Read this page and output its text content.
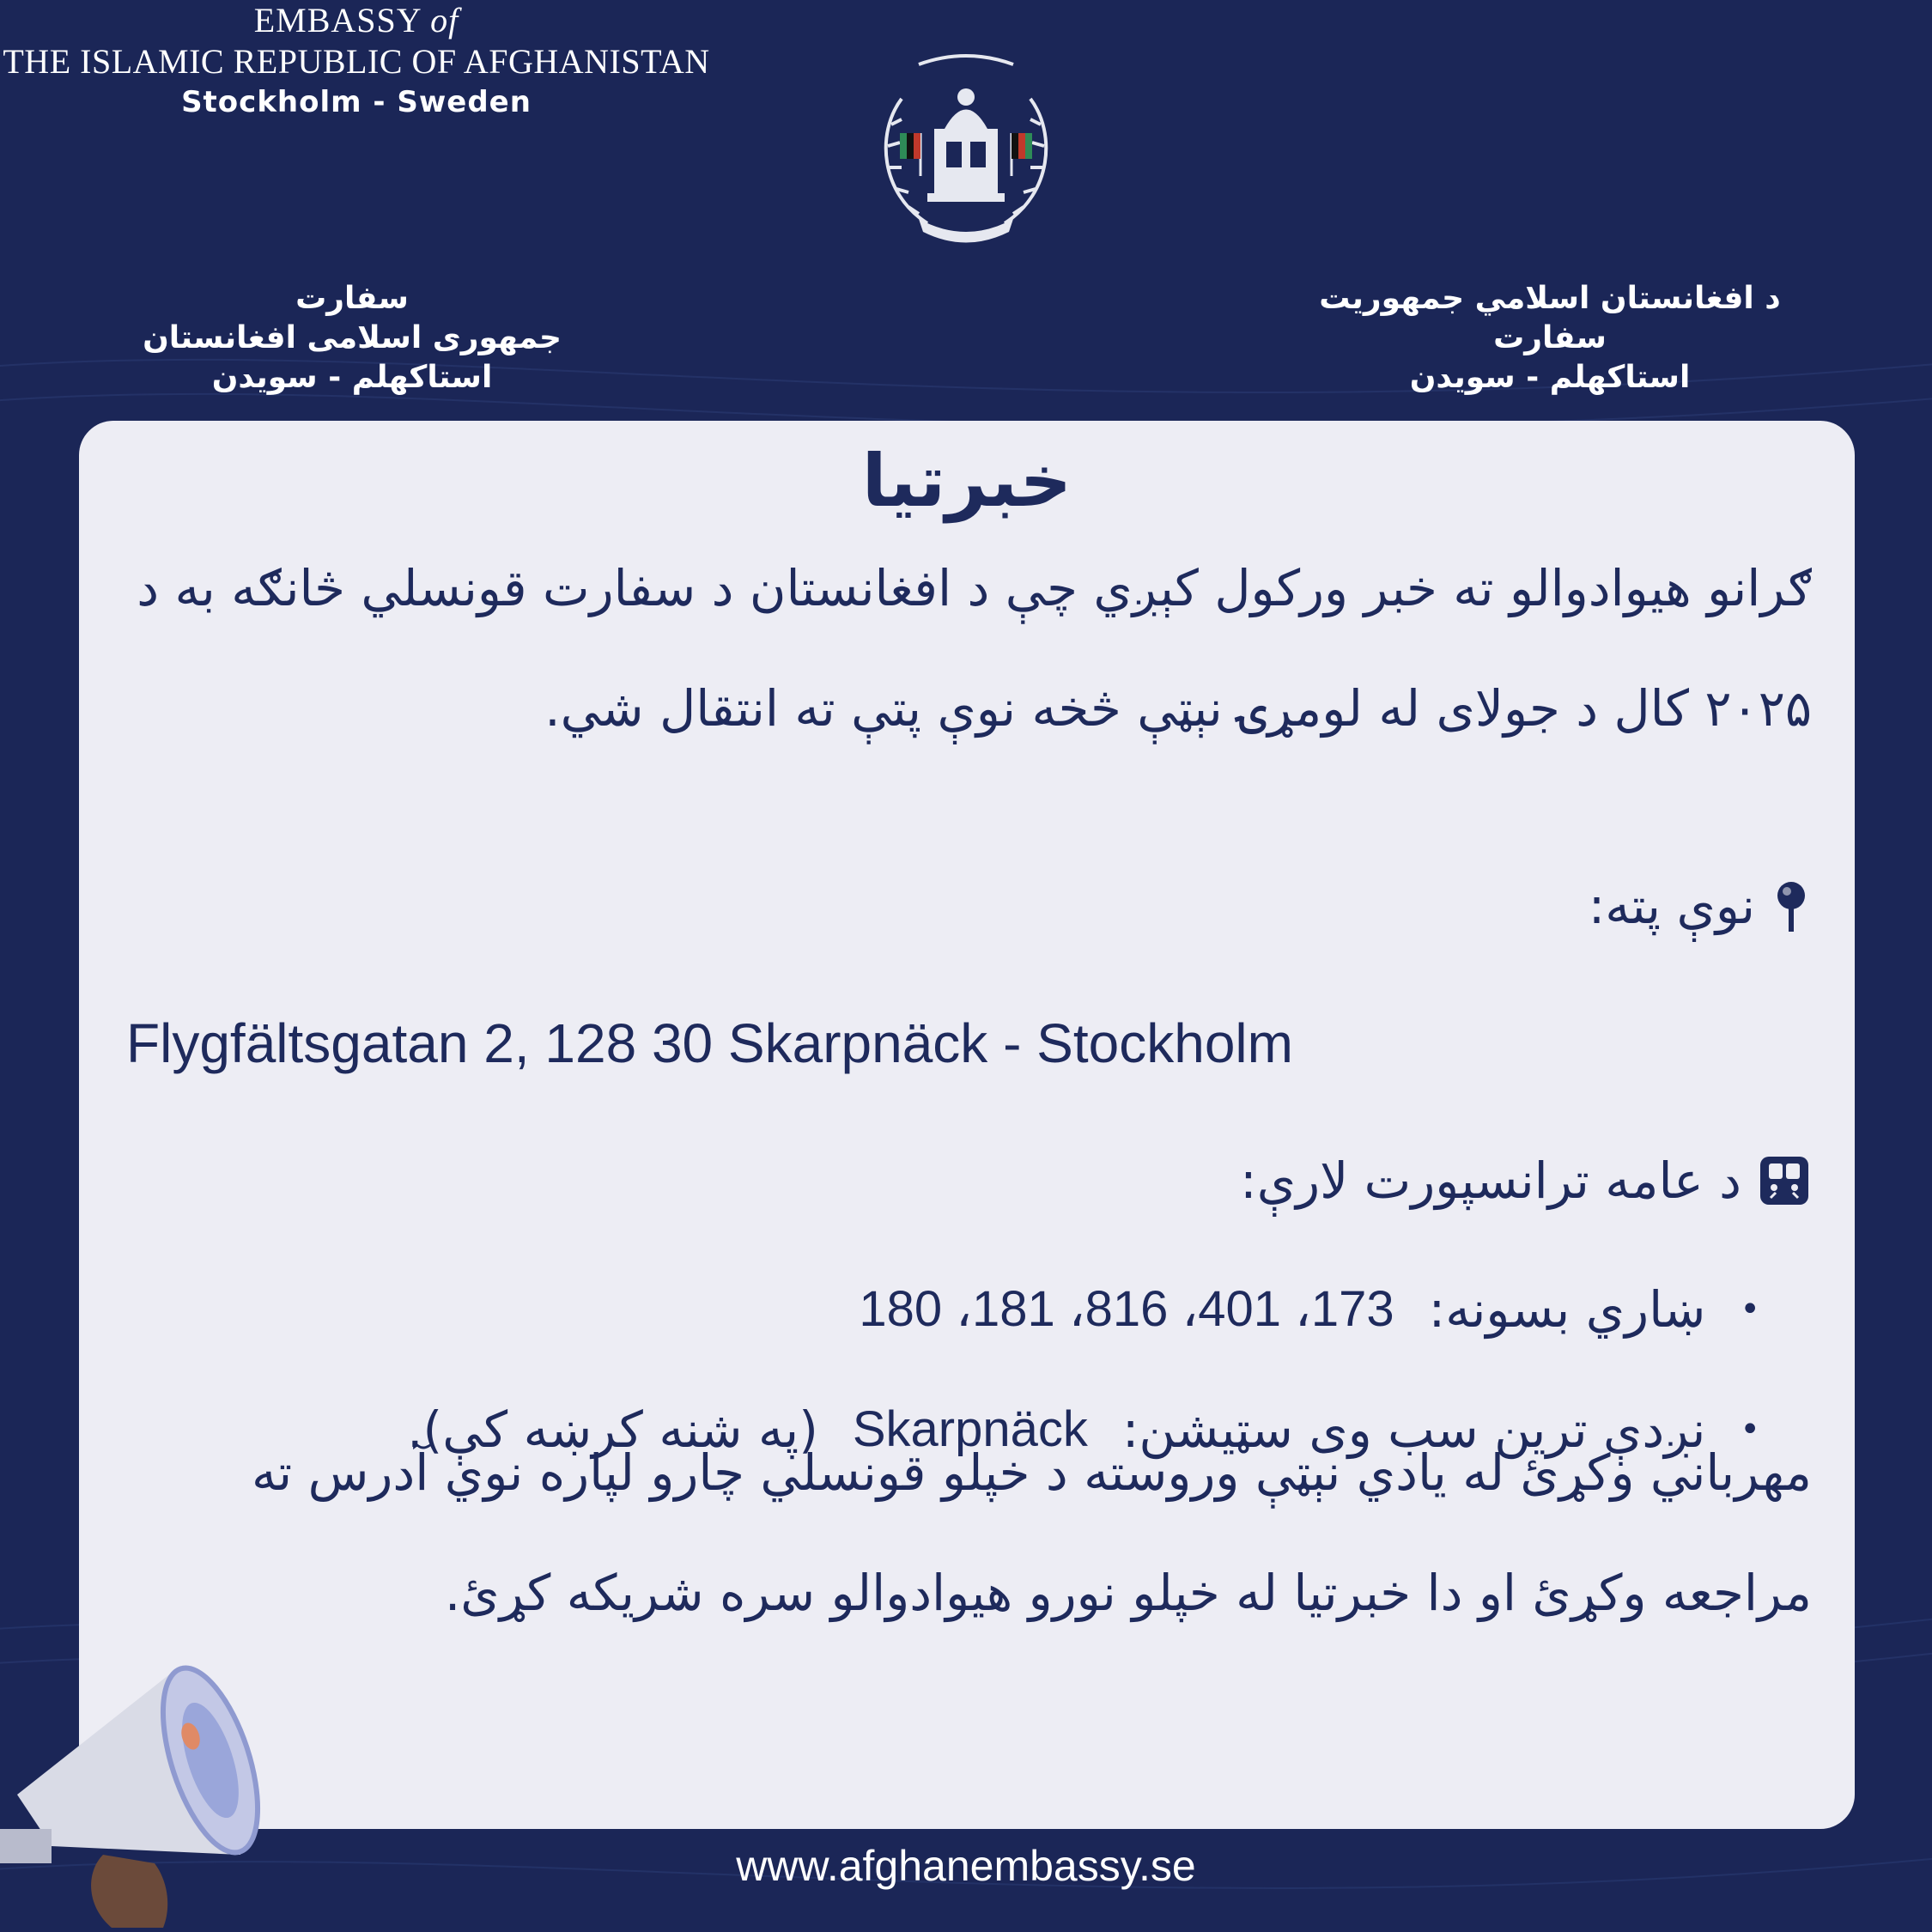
سفارت
جمهوری اسلامی افغانستان
استاکهلم - سویدن
EMBASSY of
THE ISLAMIC REPUBLIC OF AFGHANISTAN
Stockholm - Sweden
د افغانستان اسلامي جمهوریت
سفارت
استاکهلم - سویدن
خبرتیا
ګرانو هیوادوالو ته خبر ورکول کېږي چې د افغانستان د سفارت قونسلي څانګه به د ۲۰۲۵ کال د جولای له لومړۍ نېټې څخه نوې پتې ته انتقال شي.
نوې پته:
Flygfältsgatan 2, 128 30 Skarpnäck - Stockholm
د عامه ترانسپورت لارې:
•
ښاري بسونه:
173، 401، 816، 181، 180
•
نږدې ترین سب وی سټیشن:
Skarpnäck
(په شنه کرښه کې).
مهرباني وکړئ له یادي نېټې وروسته د خپلو قونسلي چارو لپاره نوي آدرس ته مراجعه وکړئ او دا خبرتیا له خپلو نورو هیوادوالو سره شریکه کړئ.
www.afghanembassy.se
